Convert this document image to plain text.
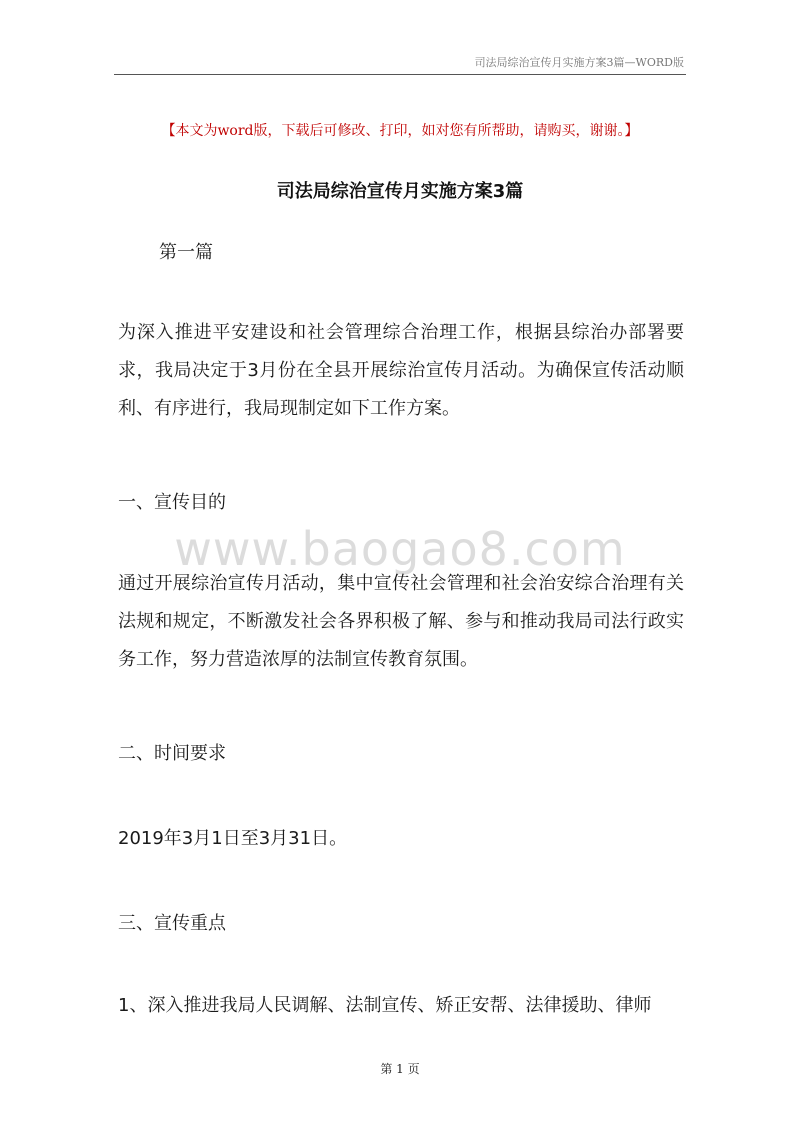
司法局综治宣传月实施方案3篇—WORD版
【本文为word版，下载后可修改、打印，如对您有所帮助，请购买，谢谢。】
司法局综治宣传月实施方案3篇
第一篇
为深入推进平安建设和社会管理综合治理工作，根据县综治办部署要求，我局决定于3月份在全县开展综治宣传月活动。为确保宣传活动顺利、有序进行，我局现制定如下工作方案。
一、宣传目的
www.baogao8.com
通过开展综治宣传月活动，集中宣传社会管理和社会治安综合治理有关法规和规定，不断激发社会各界积极了解、参与和推动我局司法行政实务工作，努力营造浓厚的法制宣传教育氛围。
二、时间要求
2019年3月1日至3月31日。
三、宣传重点
1、深入推进我局人民调解、法制宣传、矫正安帮、法律援助、律师
第 1 页
